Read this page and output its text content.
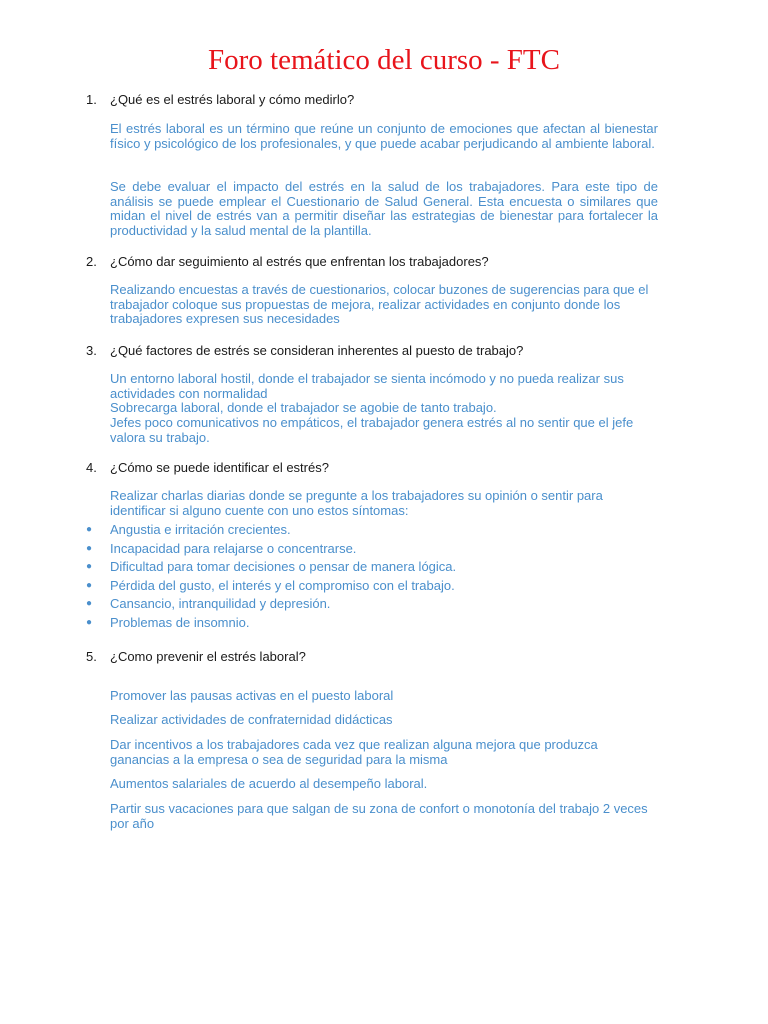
Foro temático del curso - FTC
1. ¿Qué es el estrés laboral y cómo medirlo?

El estrés laboral es un término que reúne un conjunto de emociones que afectan al bienestar físico y psicológico de los profesionales, y que puede acabar perjudicando al ambiente laboral.

Se debe evaluar el impacto del estrés en la salud de los trabajadores. Para este tipo de análisis se puede emplear el Cuestionario de Salud General. Esta encuesta o similares que midan el nivel de estrés van a permitir diseñar las estrategias de bienestar para fortalecer la productividad y la salud mental de la plantilla.

2. ¿Cómo dar seguimiento al estrés que enfrentan los trabajadores?

Realizando encuestas a través de cuestionarios, colocar buzones de sugerencias para que el trabajador coloque sus propuestas de mejora, realizar actividades en conjunto donde los trabajadores expresen sus necesidades

3. ¿Qué factores de estrés se consideran inherentes al puesto de trabajo?

Un entorno laboral hostil, donde el trabajador se sienta incómodo y no pueda realizar sus actividades con normalidad

Sobrecarga laboral, donde el trabajador se agobie de tanto trabajo.

Jefes poco comunicativos no empáticos, el trabajador genera estrés al no sentir que el jefe valora su trabajo.

4. ¿Cómo se puede identificar el estrés?

Realizar charlas diarias donde se pregunte a los trabajadores su opinión o sentir para identificar si alguno cuente con uno estos síntomas:

● Angustia e irritación crecientes.
● Incapacidad para relajarse o concentrarse.
● Dificultad para tomar decisiones o pensar de manera lógica.
● Pérdida del gusto, el interés y el compromiso con el trabajo.
● Cansancio, intranquilidad y depresión.
● Problemas de insomnio.
5. ¿Como prevenir el estrés laboral?

Promover las pausas activas en el puesto laboral

Realizar actividades de confraternidad didácticas

Dar incentivos a los trabajadores cada vez que realizan alguna mejora que produzca ganancias a la empresa o sea de seguridad para la misma

Aumentos salariales de acuerdo al desempeño laboral.

Partir sus vacaciones para que salgan de su zona de confort o monotonía del trabajo 2 veces por año
